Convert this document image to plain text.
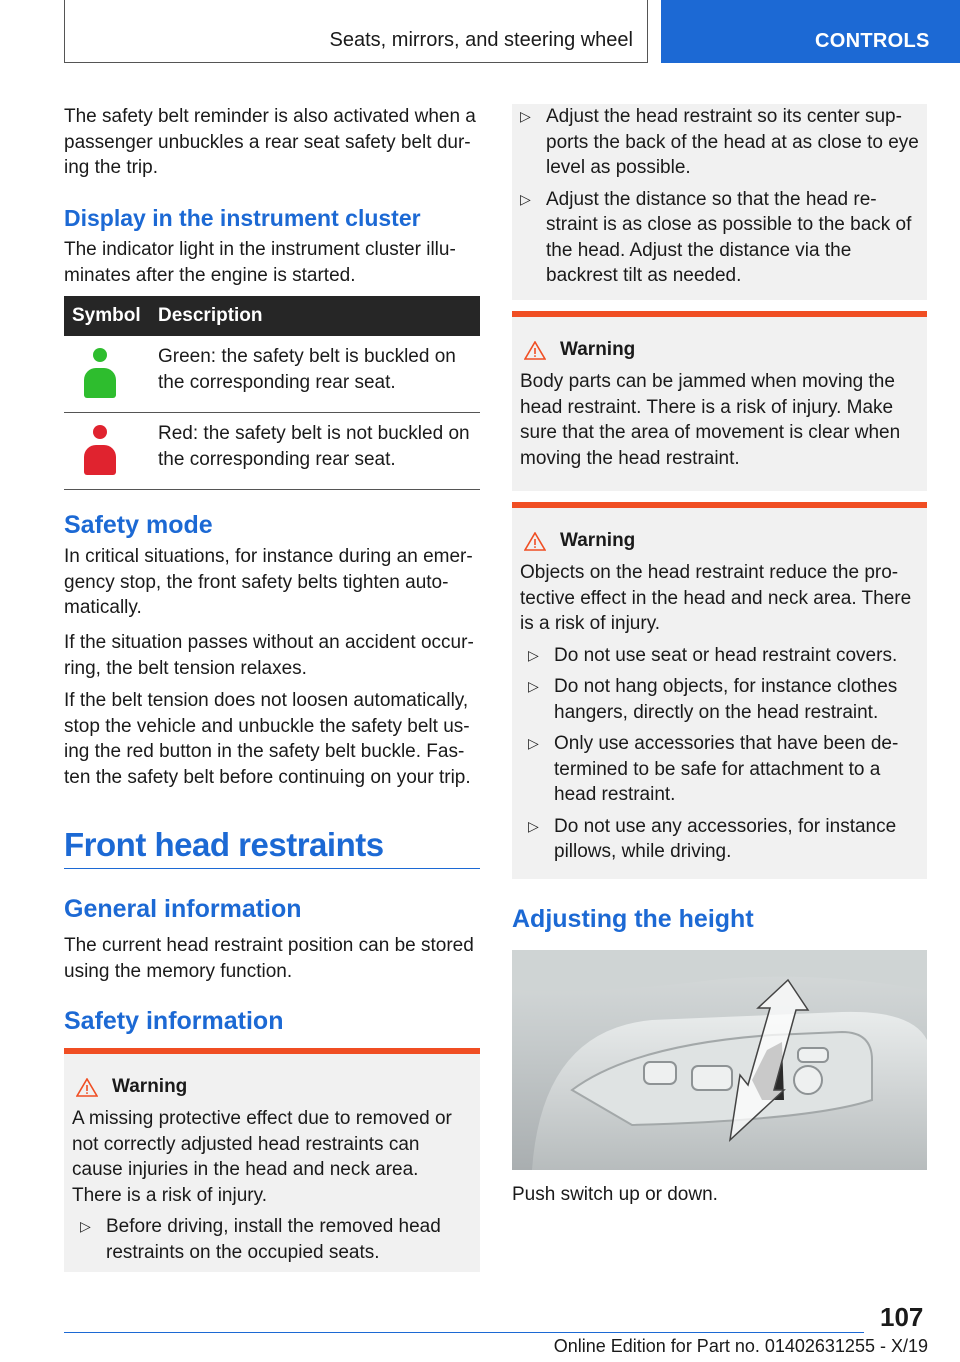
Seats, mirrors, and steering wheel	CONTROLS

The safety belt reminder is also activated when a passenger unbuckles a rear seat safety belt dur-ing the trip.

Display in the instrument cluster

The indicator light in the instrument cluster illu-minates after the engine is started.

Symbol	Description

	Green: the safety belt is buckled on the corresponding rear seat.

	Red: the safety belt is not buckled on the corresponding rear seat.
Safety mode

In critical situations, for instance during an emer-gency stop, the front safety belts tighten auto-matically.

If the situation passes without an accident occur-ring, the belt tension relaxes.

If the belt tension does not loosen automatically, stop the vehicle and unbuckle the safety belt us-ing the red button in the safety belt buckle. Fas-ten the safety belt before continuing on your trip.

Front head restraints
General information

The current head restraint position can be stored using the memory function.

Safety information
Warning

A missing protective effect due to removed or not correctly adjusted head restraints can cause injuries in the head and neck area. There is a risk of injury.

▷ Before driving, install the removed head restraints on the occupied seats.
▷ Adjust the head restraint so its center sup-ports the back of the head at as close to eye level as possible.
▷ Adjust the distance so that the head re-straint is as close as possible to the back of the head. Adjust the distance via the backrest tilt as needed.
Warning

Body parts can be jammed when moving the head restraint. There is a risk of injury. Make sure that the area of movement is clear when moving the head restraint.

Warning

Objects on the head restraint reduce the pro-tective effect in the head and neck area. There is a risk of injury.

▷ Do not use seat or head restraint covers.
▷ Do not hang objects, for instance clothes hangers, directly on the head restraint.
▷ Only use accessories that have been de-termined to be safe for attachment to a head restraint.
▷ Do not use any accessories, for instance pillows, while driving.
Adjusting the height

Push switch up or down.

107
Online Edition for Part no. 01402631255 - X/19
